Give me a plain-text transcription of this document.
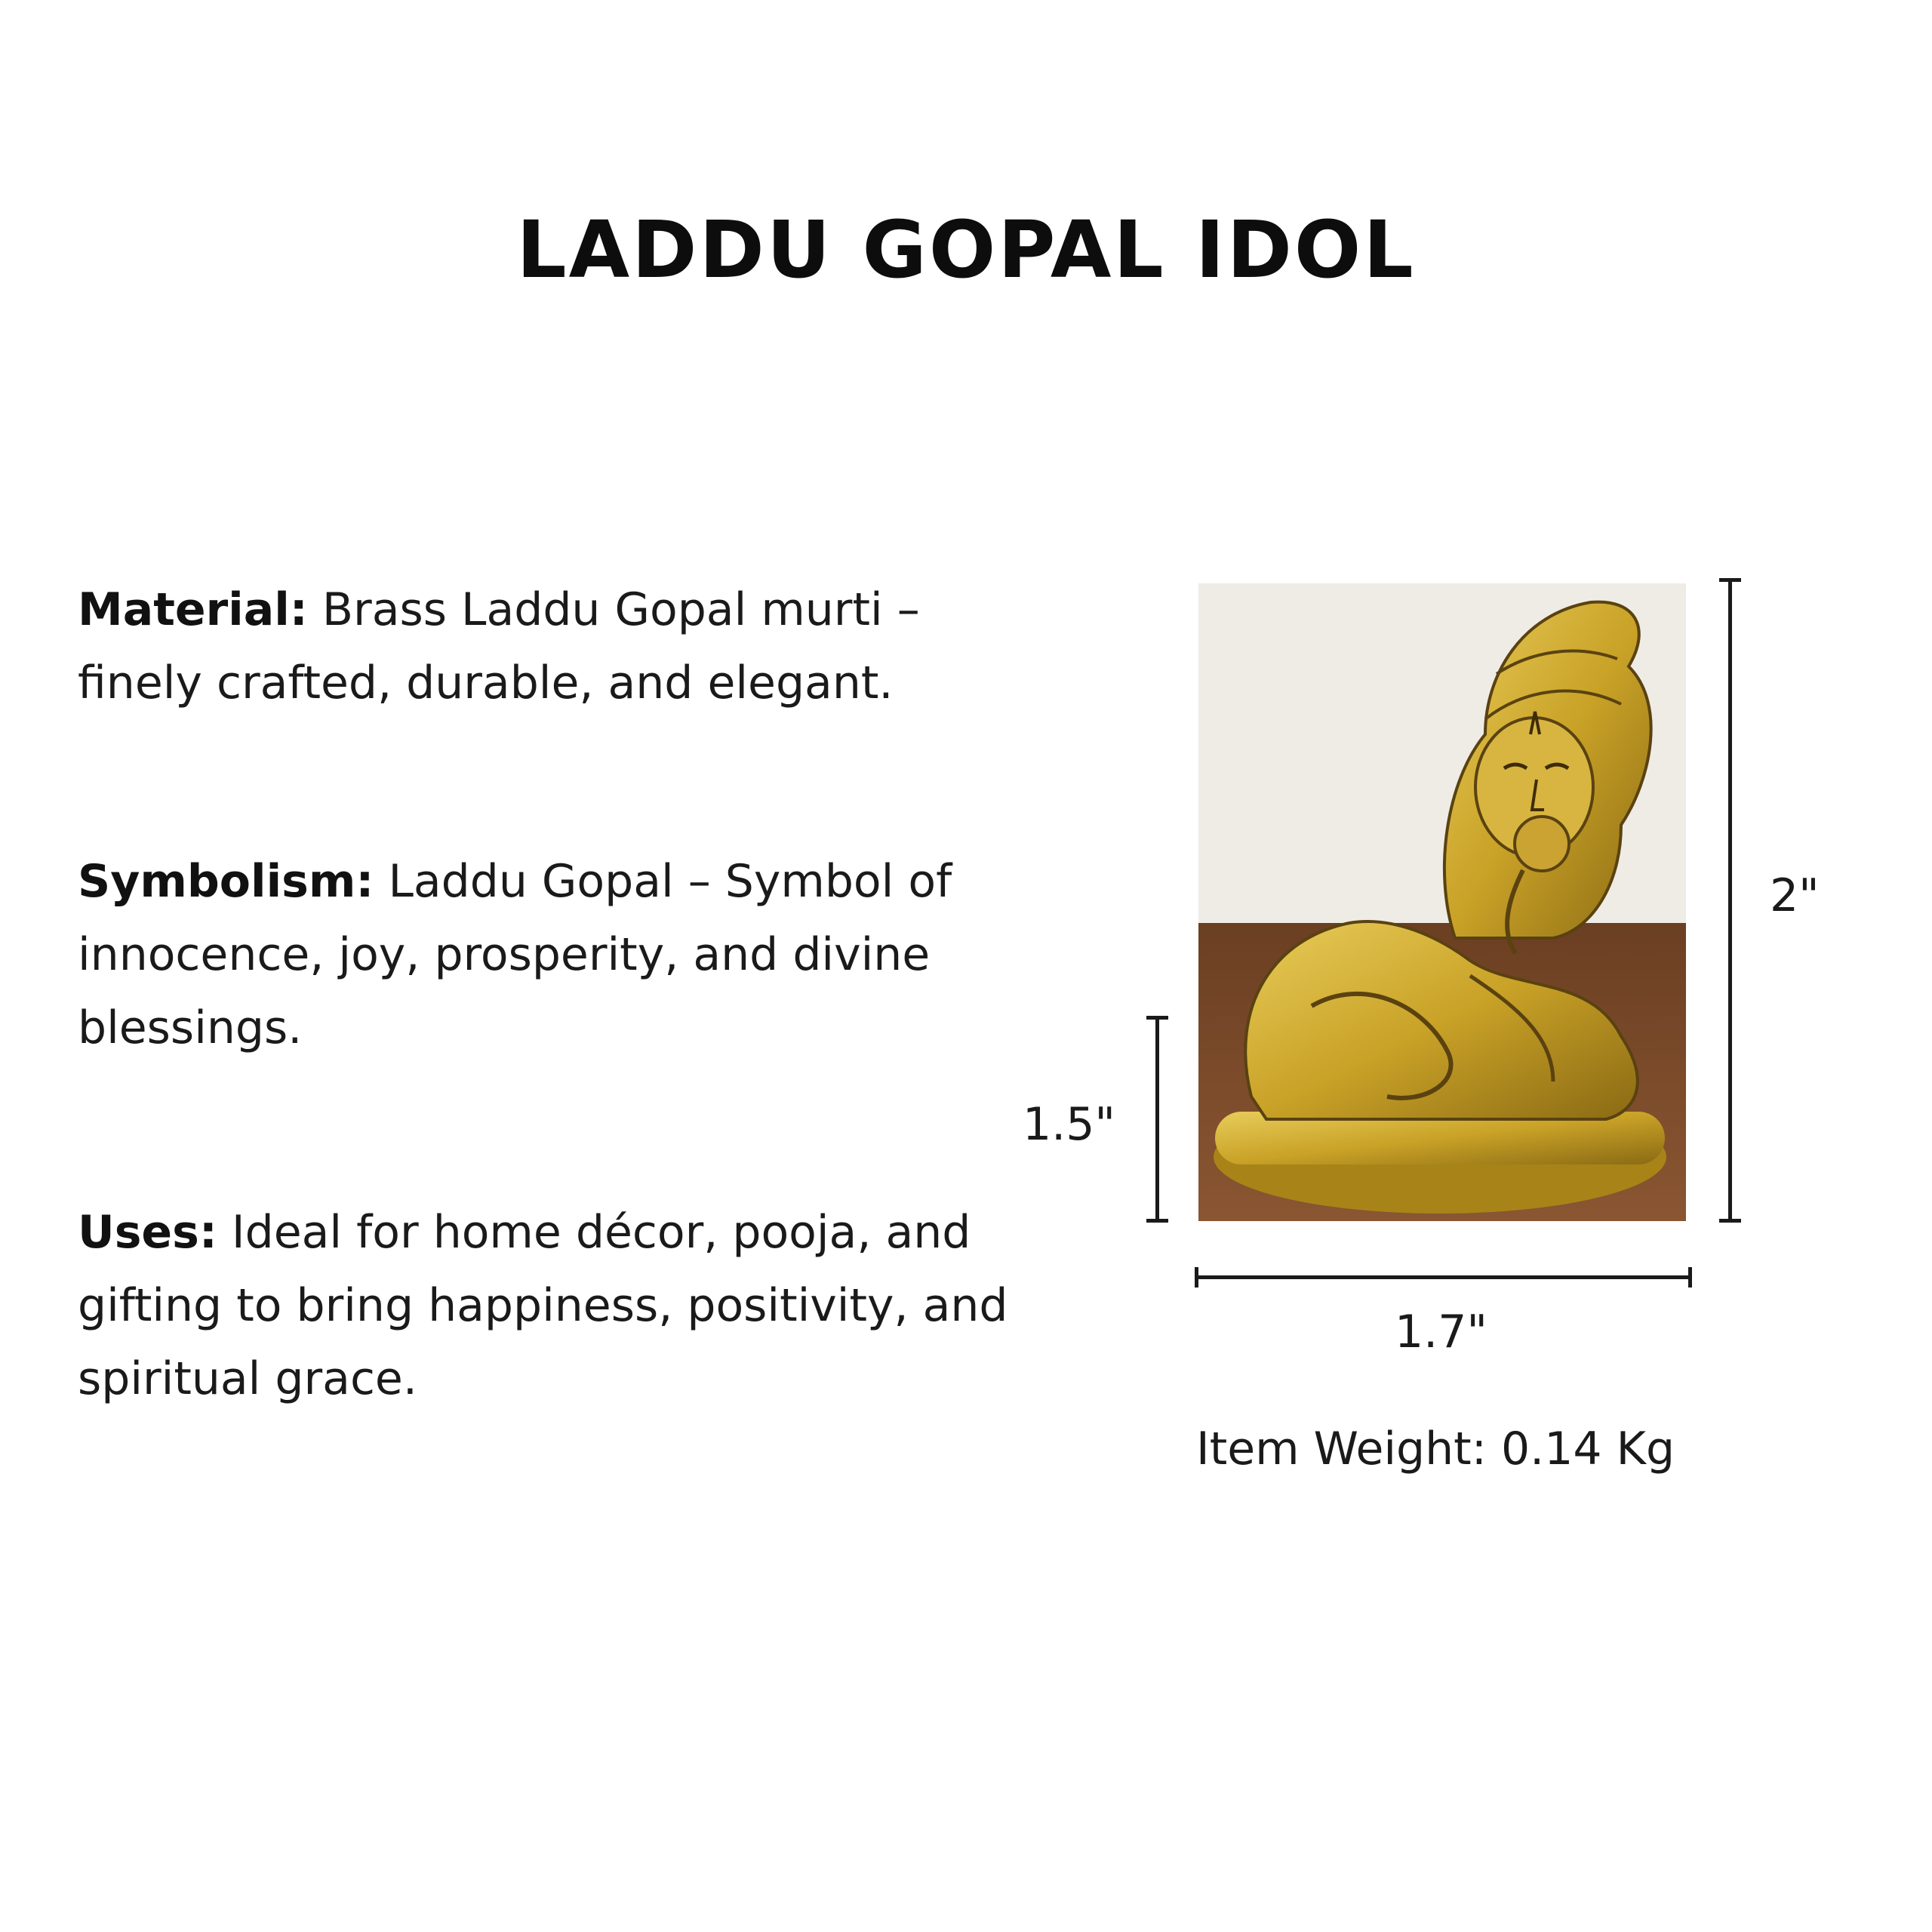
LADDU GOPAL IDOL
Material: Brass Laddu Gopal murti – finely crafted, durable, and elegant.
Symbolism: Laddu Gopal – Symbol of innocence, joy, prosperity, and divine blessings.
Uses: Ideal for home décor, pooja, and gifting to bring happiness, positivity, and spiritual grace.
2"
1.5"
1.7"
Item Weight: 0.14 Kg
